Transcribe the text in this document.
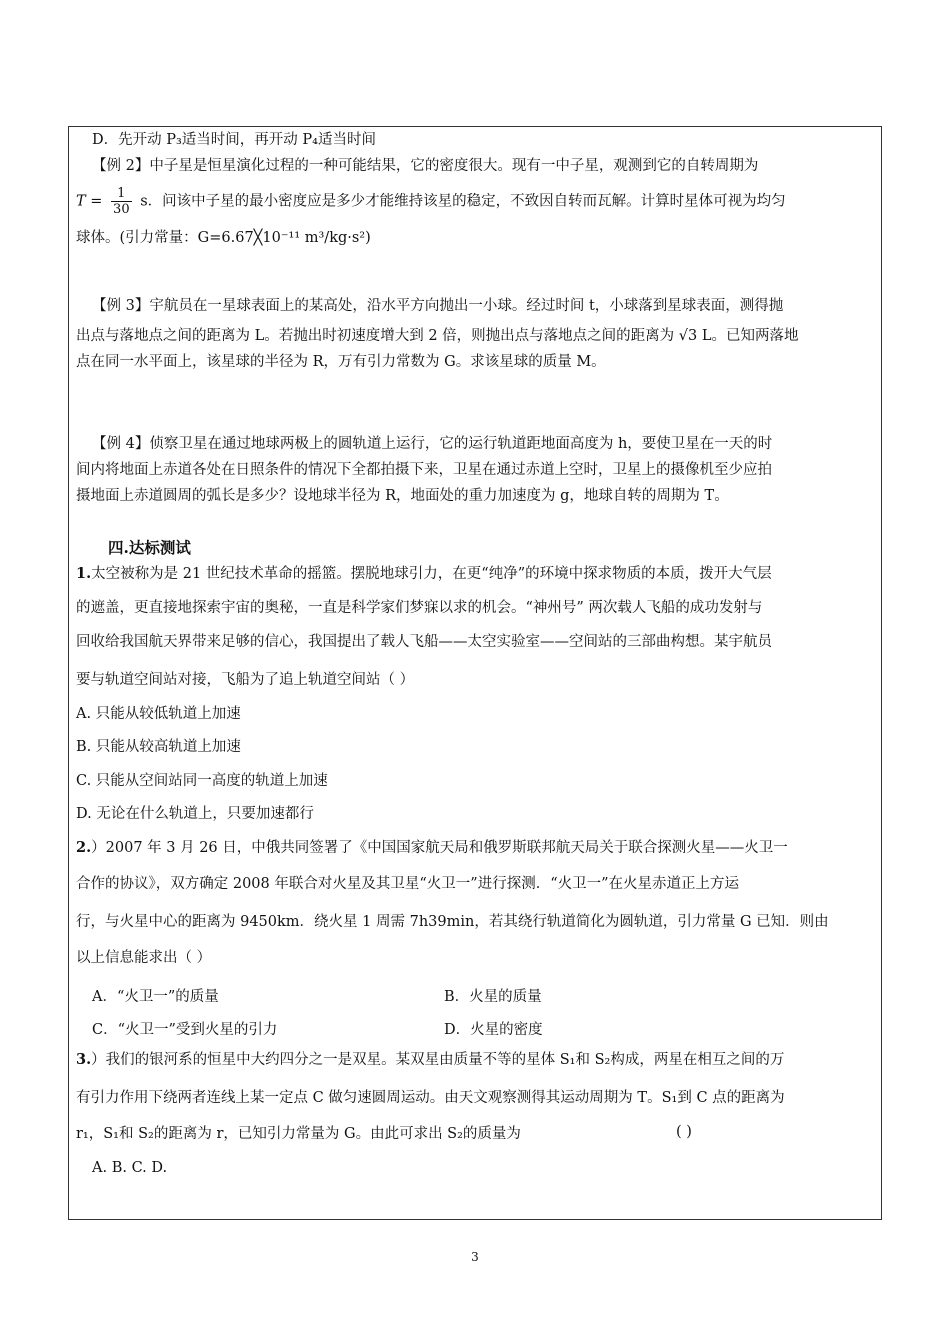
D．先开动 P₃适当时间，再开动 P₄适当时间
【例 2】中子星是恒星演化过程的一种可能结果，它的密度很大。现有一中子星，观测到它的自转周期为
$T = \frac{1}{30}$ s．问该中子星的最小密度应是多少才能维持该星的稳定，不致因自转而瓦解。计算时星体可视为均匀
球体。(引力常量：G=6.67╳10⁻¹¹ m³/kg·s²)
【例 3】宇航员在一星球表面上的某高处，沿水平方向抛出一小球。经过时间 t，小球落到星球表面，测得抛
出点与落地点之间的距离为 L。若抛出时初速度增大到 2 倍，则抛出点与落地点之间的距离为 √3 L。已知两落地
点在同一水平面上，该星球的半径为 R，万有引力常数为 G。求该星球的质量 M。
【例 4】侦察卫星在通过地球两极上的圆轨道上运行，它的运行轨道距地面高度为 h，要使卫星在一天的时
间内将地面上赤道各处在日照条件的情况下全都拍摄下来，卫星在通过赤道上空时，卫星上的摄像机至少应拍
摄地面上赤道圆周的弧长是多少？设地球半径为 R，地面处的重力加速度为 g，地球自转的周期为 T。
四.达标测试
1.太空被称为是 21 世纪技术革命的摇篮。摆脱地球引力，在更“纯净”的环境中探求物质的本质，拨开大气层
的遮盖，更直接地探索宇宙的奥秘，一直是科学家们梦寐以求的机会。“神州号” 两次载人飞船的成功发射与
回收给我国航天界带来足够的信心，我国提出了载人飞船——太空实验室——空间站的三部曲构想。某宇航员
要与轨道空间站对接，飞船为了追上轨道空间站（ ）
A. 只能从较低轨道上加速
B. 只能从较高轨道上加速
C. 只能从空间站同一高度的轨道上加速
D. 无论在什么轨道上，只要加速都行
2.）2007 年 3 月 26 日，中俄共同签署了《中国国家航天局和俄罗斯联邦航天局关于联合探测火星——火卫一
合作的协议》，双方确定 2008 年联合对火星及其卫星“火卫一”进行探测．“火卫一”在火星赤道正上方运
行，与火星中心的距离为 9450km．绕火星 1 周需 7h39min，若其绕行轨道简化为圆轨道，引力常量 G 已知．则由
以上信息能求出（ ）
A．“火卫一”的质量	B．火星的质量
C．“火卫一”受到火星的引力	D．火星的密度
3.）我们的银河系的恒星中大约四分之一是双星。某双星由质量不等的星体 S₁和 S₂构成，两星在相互之间的万
有引力作用下绕两者连线上某一定点 C 做匀速圆周运动。由天文观察测得其运动周期为 T。S₁到 C 点的距离为
r₁，S₁和 S₂的距离为 r，已知引力常量为 G。由此可求出 S₂的质量为	( )
A. B. C. D.
3
